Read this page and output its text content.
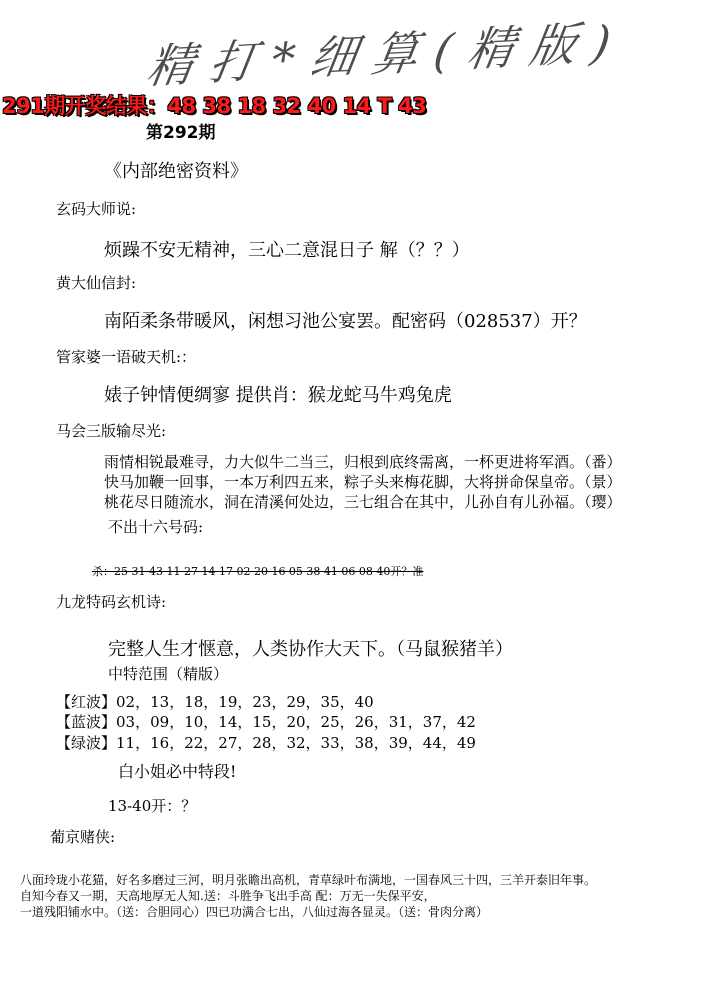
精打*细算(精版)
291期开奖结果：48 38 18 32 40 14 T 43
第292期
《内部绝密资料》
玄码大师说:
烦躁不安无精神，三心二意混日子 解（？？）
黄大仙信封:
南陌柔条带暖风，闲想习池公宴罢。配密码（028537）开？
管家婆一语破天机:：
婊子钟情便绸寥 提供肖：猴龙蛇马牛鸡兔虎
马会三版输尽光:
雨情相锐最难寻，力大似牛二当三，归根到底终需离，一杯更进将军酒。（番）
快马加鞭一回事，一本万利四五来，粽子头来梅花脚，大将拼命保皇帝。（景）
桃花尽日随流水，洞在清溪何处边，三七组合在其中，儿孙自有儿孙福。（璎）
不出十六号码:
杀：25 31 43 11 27 14 17 02 20 16 05 38 41 06 08 40开？准
九龙特码玄机诗:
完整人生才惬意，人类协作大天下。（马鼠猴猪羊）
中特范围（精版）
【红波】02，13，18，19，23，29，35，40
【蓝波】03，09，10，14，15，20，25，26，31，37，42
【绿波】11，16，22，27，28，32，33，38，39，44，49
白小姐必中特段!
13-40开：？
葡京赌侠:
八面玲珑小花猫，好名多磨过三河，明月张瞻出高机，青草绿叶布满地，一国春风三十四，三羊开泰旧年事。
自知今春又一期，天高地厚无人知.送：斗胜争飞出手高 配：万无一失保平安，
一道残阳铺水中。（送：合胆同心）四已功满合七出，八仙过海各显灵。（送：骨肉分离）
